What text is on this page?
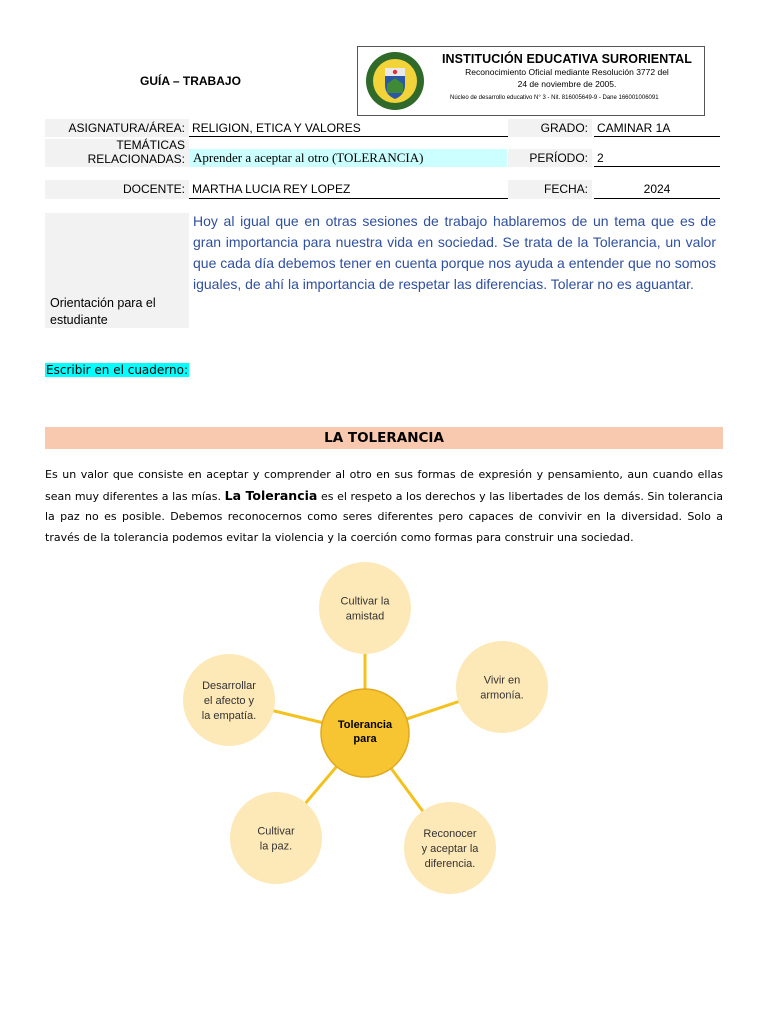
GUÍA – TRABAJO
INSTITUCIÓN EDUCATIVA SURORIENTAL
Reconocimiento Oficial mediante Resolución 3772 del
24 de noviembre de 2005.
Núcleo de desarrollo educativo N° 3 - Nit. 816005649-9 - Dane 166001006091
ASIGNATURA/ÁREA: RELIGION, ETICA Y VALORES	GRADO: CAMINAR 1A
TEMÁTICAS
RELACIONADAS: Aprender a aceptar al otro (TOLERANCIA)	PERÍODO: 2
DOCENTE: MARTHA LUCIA REY LOPEZ	FECHA:	2024
Orientación para el estudiante
Hoy al igual que en otras sesiones de trabajo hablaremos de un tema que es de gran importancia para nuestra vida en sociedad. Se trata de la Tolerancia, un valor que cada día debemos tener en cuenta porque nos ayuda a entender que no somos iguales, de ahí la importancia de respetar las diferencias. Tolerar no es aguantar.
Escribir en el cuaderno:
LA TOLERANCIA
Es un valor que consiste en aceptar y comprender al otro en sus formas de expresión y pensamiento, aun cuando ellas sean muy diferentes a las mías. La Tolerancia es el respeto a los derechos y las libertades de los demás. Sin tolerancia la paz no es posible. Debemos reconocernos como seres diferentes pero capaces de convivir en la diversidad. Solo a través de la tolerancia podemos evitar la violencia y la coerción como formas para construir una sociedad.
Cultivar la
amistad
Vivir en
armonía.
Reconocer
y aceptar la
diferencia.
Cultivar
la paz.
Desarrollar
el afecto y
la empatía.
Tolerancia
para
